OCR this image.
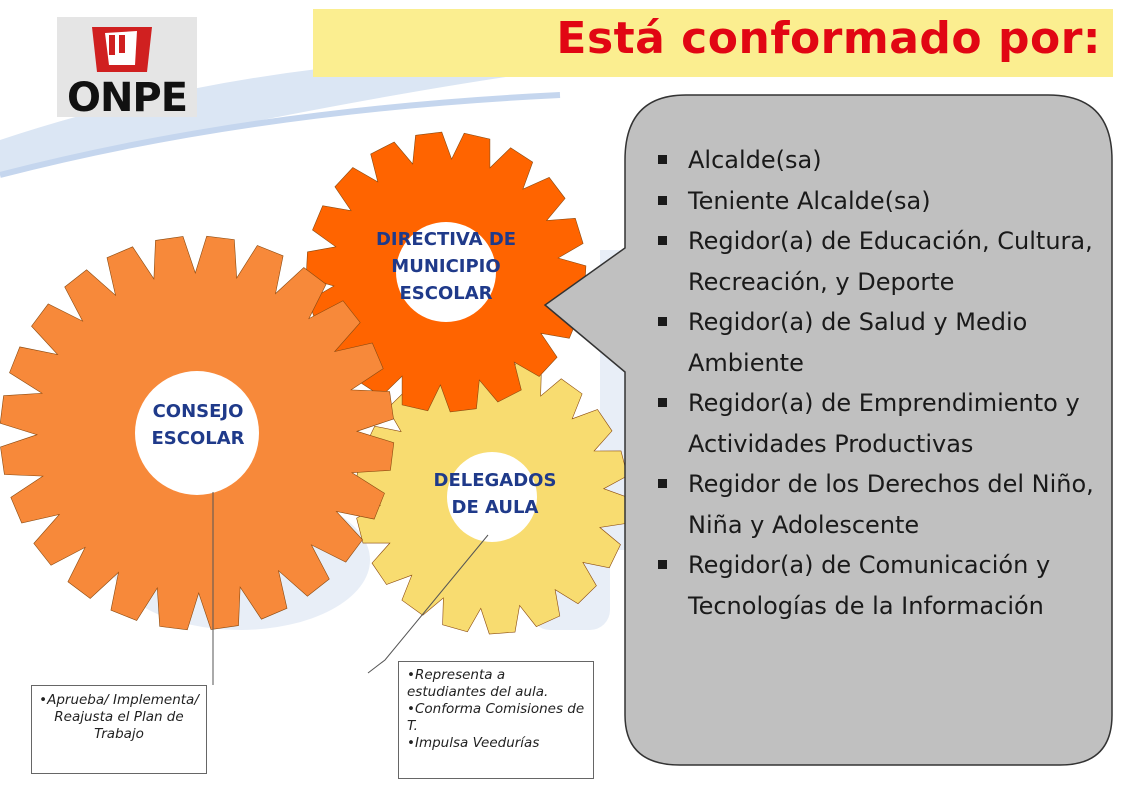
Está conformado por:
ONPE
DIRECTIVA DE
MUNICIPIO
ESCOLAR
CONSEJO
ESCOLAR
DELEGADOS
DE AULA
Alcalde(sa)
Teniente Alcalde(sa)
Regidor(a) de Educación, Cultura, Recreación, y Deporte
Regidor(a) de Salud y Medio Ambiente
Regidor(a) de Emprendimiento y Actividades Productivas
Regidor de los Derechos del Niño, Niña y Adolescente
Regidor(a) de Comunicación y Tecnologías de la Información

•Aprueba/ Implementa/ Reajusta el Plan de Trabajo

•Representa a estudiantes del aula.

•Conforma Comisiones de T.

•Impulsa Veedurías
